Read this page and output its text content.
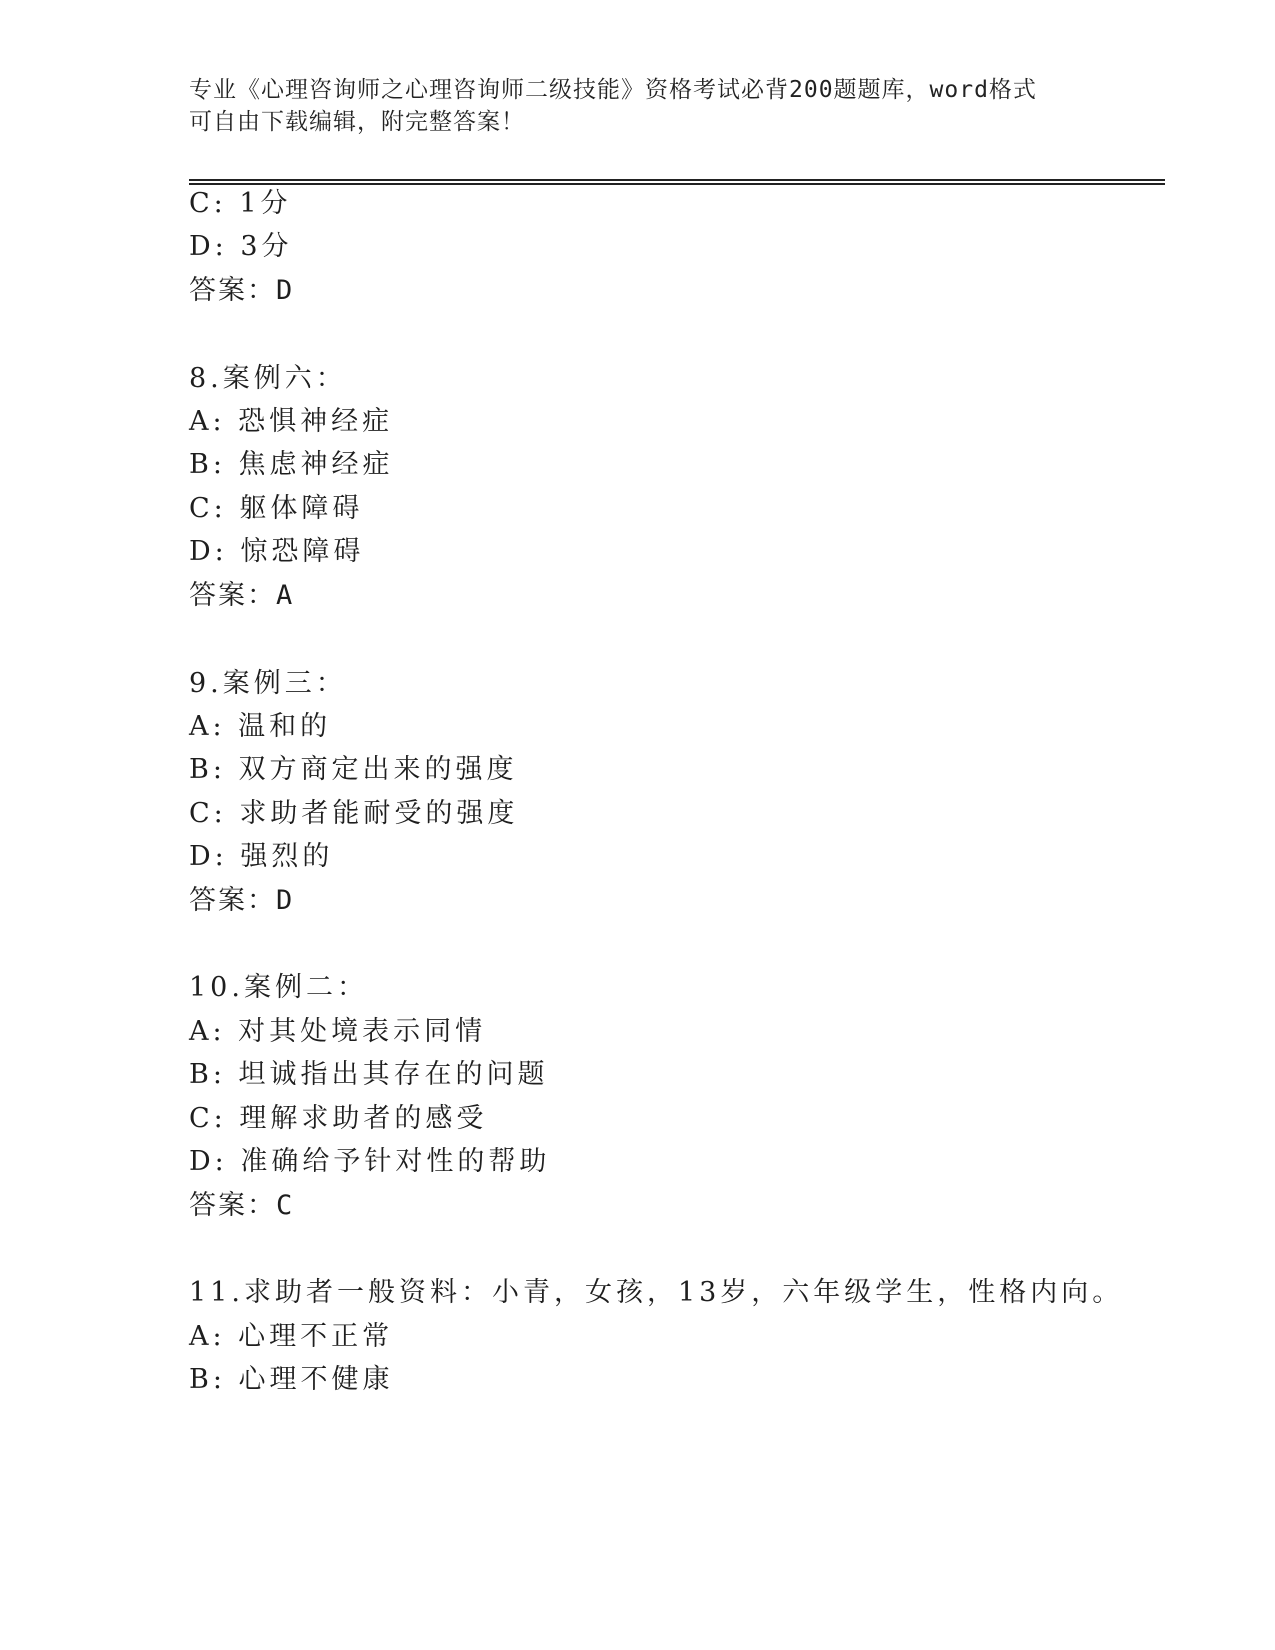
专业《心理咨询师之心理咨询师二级技能》资格考试必背200题题库，word格式
可自由下载编辑，附完整答案！
C: 1分
D: 3分
答案：D
8.案例六：
A: 恐惧神经症
B: 焦虑神经症
C: 躯体障碍
D: 惊恐障碍
答案：A
9.案例三：
A: 温和的
B: 双方商定出来的强度
C: 求助者能耐受的强度
D: 强烈的
答案：D
10.案例二：
A: 对其处境表示同情
B: 坦诚指出其存在的问题
C: 理解求助者的感受
D: 准确给予针对性的帮助
答案：C
11.求助者一般资料：小青，女孩，13岁，六年级学生，性格内向。
A: 心理不正常
B: 心理不健康
